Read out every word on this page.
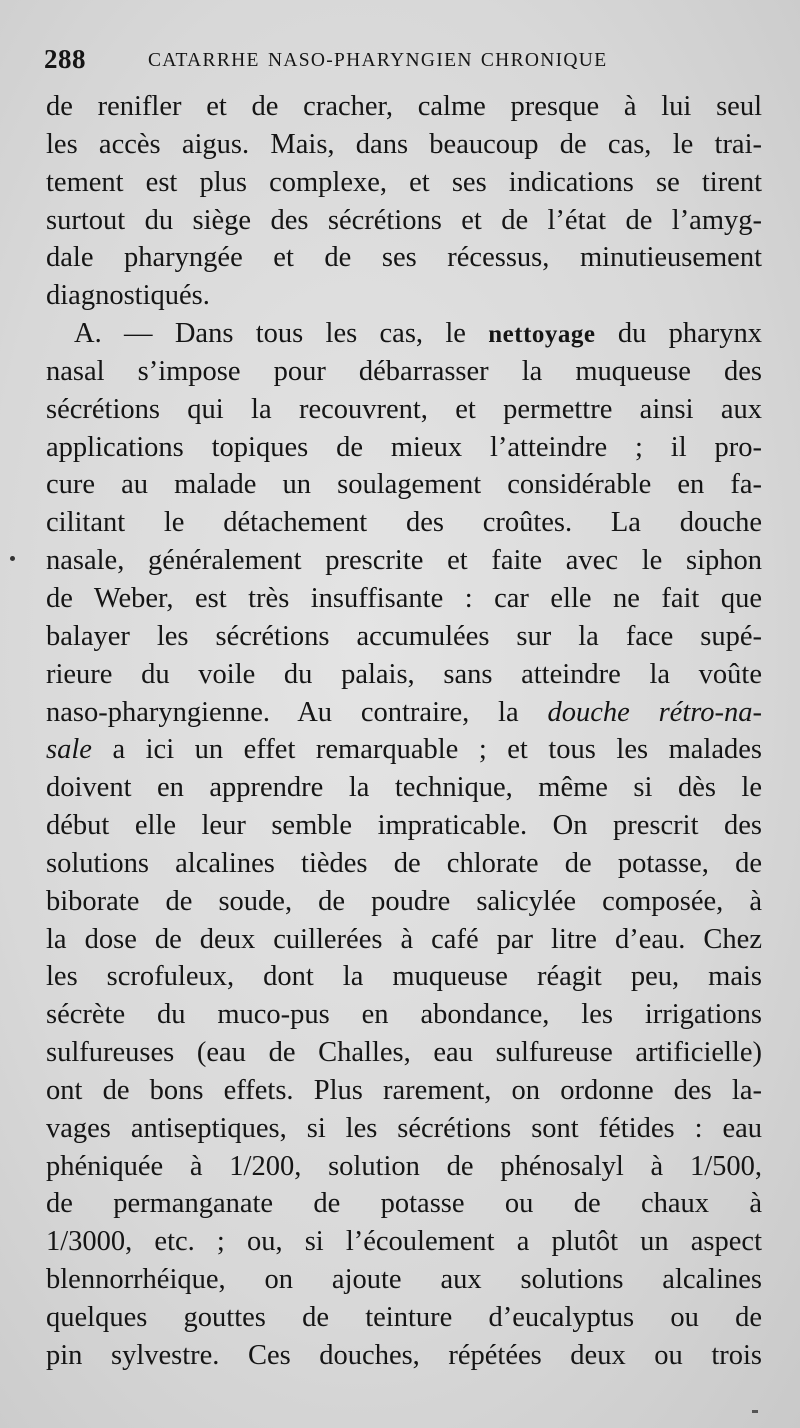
288	CATARRHE NASO-PHARYNGIEN CHRONIQUE
de renifler et de cracher, calme presque à lui seul
les accès aigus. Mais, dans beaucoup de cas, le trai-
tement est plus complexe, et ses indications se tirent
surtout du siège des sécrétions et de l’état de l’amyg-
dale pharyngée et de ses récessus, minutieusement
diagnostiqués.
A. — Dans tous les cas, le nettoyage du pharynx
nasal s’impose pour débarrasser la muqueuse des
sécrétions qui la recouvrent, et permettre ainsi aux
applications topiques de mieux l’atteindre ; il pro-
cure au malade un soulagement considérable en fa-
cilitant le détachement des croûtes. La douche
nasale, généralement prescrite et faite avec le siphon
de Weber, est très insuffisante : car elle ne fait que
balayer les sécrétions accumulées sur la face supé-
rieure du voile du palais, sans atteindre la voûte
naso-pharyngienne. Au contraire, la douche rétro-na-
sale a ici un effet remarquable ; et tous les malades
doivent en apprendre la technique, même si dès le
début elle leur semble impraticable. On prescrit des
solutions alcalines tièdes de chlorate de potasse, de
biborate de soude, de poudre salicylée composée, à
la dose de deux cuillerées à café par litre d’eau. Chez
les scrofuleux, dont la muqueuse réagit peu, mais
sécrète du muco-pus en abondance, les irrigations
sulfureuses (eau de Challes, eau sulfureuse artificielle)
ont de bons effets. Plus rarement, on ordonne des la-
vages antiseptiques, si les sécrétions sont fétides : eau
phéniquée à 1/200, solution de phénosalyl à 1/500,
de permanganate de potasse ou de chaux à
1/3000, etc. ; ou, si l’écoulement a plutôt un aspect
blennorrhéique, on ajoute aux solutions alcalines
quelques gouttes de teinture d’eucalyptus ou de
pin sylvestre. Ces douches, répétées deux ou trois
